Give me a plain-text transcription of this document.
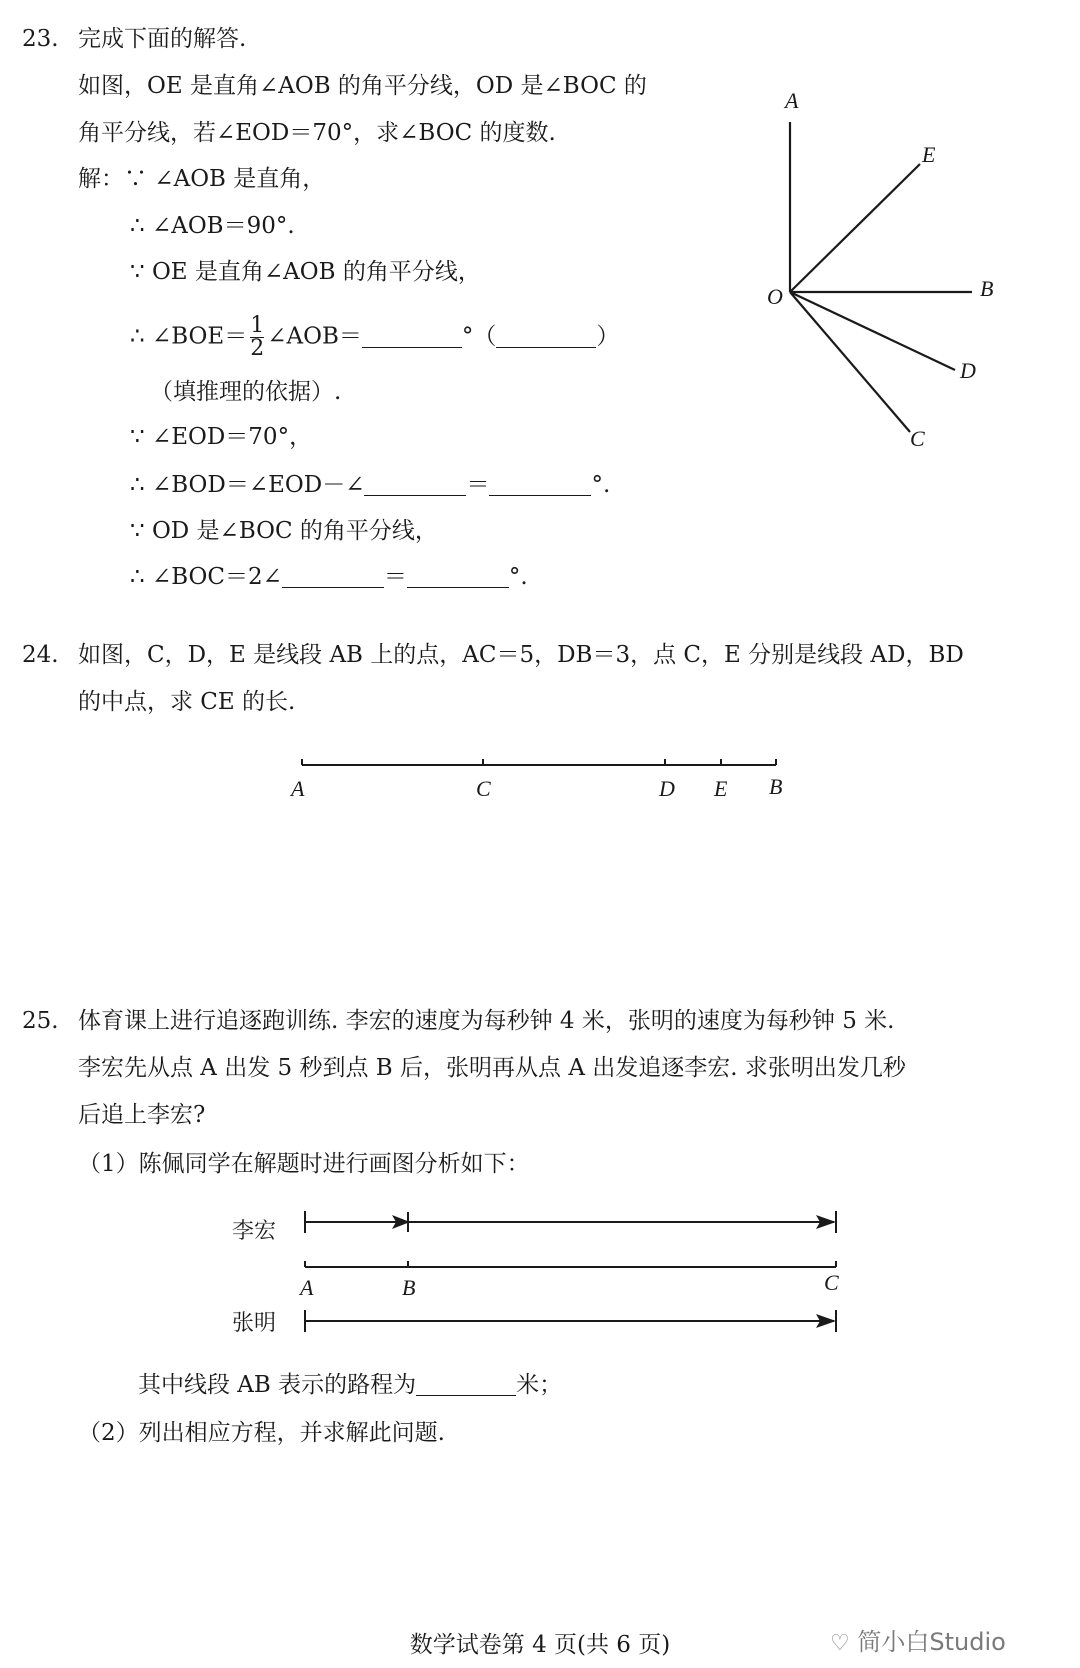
23. 完成下面的解答.
如图，OE 是直角∠AOB 的角平分线，OD 是∠BOC 的
角平分线，若∠EOD＝70°，求∠BOC 的度数.
解：∵ ∠AOB 是直角，
∴ ∠AOB＝90°.
∵ OE 是直角∠AOB 的角平分线，
∴ ∠BOE＝ $\frac{1}{2}$ ∠AOB＝	°（	）
（填推理的依据）.
∵ ∠EOD＝70°，
∴ ∠BOD＝∠EOD－∠	＝	°.
∵ OD 是∠BOC 的角平分线，
∴ ∠BOC＝2∠	＝	°.
A
E
O	B
D
C
A	C	D E B
李宏
张明
A	B	C
24. 如图，C，D，E 是线段 AB 上的点，AC＝5，DB＝3，点 C，E 分别是线段 AD，BD
的中点，求 CE 的长.
25. 体育课上进行追逐跑训练. 李宏的速度为每秒钟 4 米，张明的速度为每秒钟 5 米.
李宏先从点 A 出发 5 秒到点 B 后，张明再从点 A 出发追逐李宏. 求张明出发几秒
后追上李宏?
（1）陈佩同学在解题时进行画图分析如下：
其中线段 AB 表示的路程为	米；
（2）列出相应方程，并求解此问题.
数学试卷第 4 页(共 6 页)	♡ 简小白Studio
